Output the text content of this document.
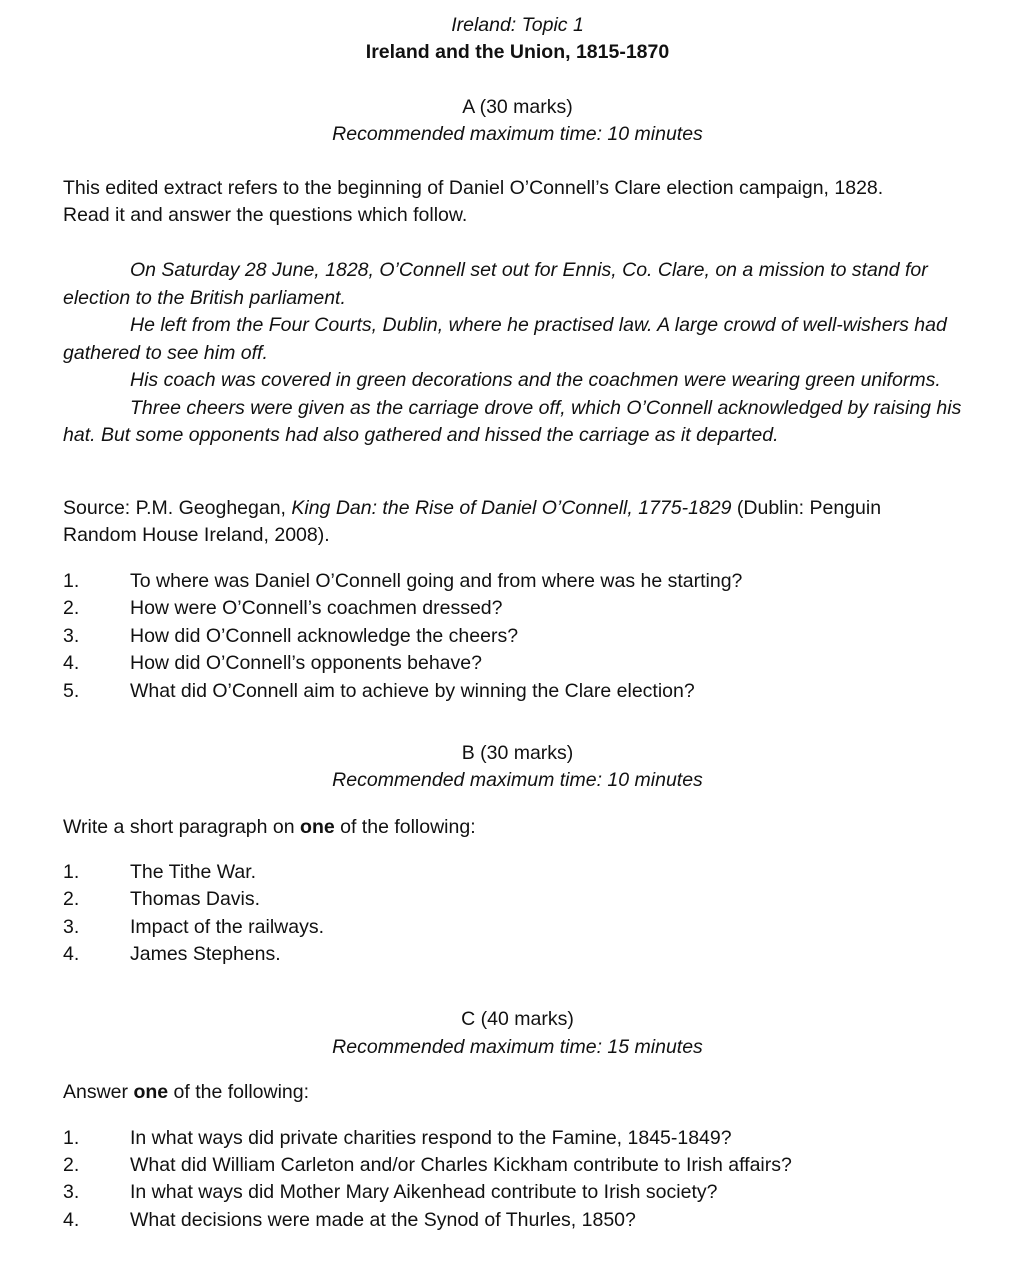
Ireland: Topic 1
Ireland and the Union, 1815-1870
A (30 marks)
Recommended maximum time: 10 minutes
This edited extract refers to the beginning of Daniel O’Connell’s Clare election campaign, 1828.
Read it and answer the questions which follow.

On Saturday 28 June, 1828, O’Connell set out for Ennis, Co. Clare, on a mission to stand for election to the British parliament.

He left from the Four Courts, Dublin, where he practised law. A large crowd of well-wishers had gathered to see him off.

His coach was covered in green decorations and the coachmen were wearing green uniforms.

Three cheers were given as the carriage drove off, which O’Connell acknowledged by raising his hat. But some opponents had also gathered and hissed the carriage as it departed.

Source: P.M. Geoghegan, King Dan: the Rise of Daniel O’Connell, 1775-1829 (Dublin: Penguin
Random House Ireland, 2008).
1.	To where was Daniel O’Connell going and from where was he starting?
2.	How were O’Connell’s coachmen dressed?
3.	How did O’Connell acknowledge the cheers?
4.	How did O’Connell’s opponents behave?
5.	What did O’Connell aim to achieve by winning the Clare election?
B (30 marks)
Recommended maximum time: 10 minutes
Write a short paragraph on one of the following:
1.	The Tithe War.
2.	Thomas Davis.
3.	Impact of the railways.
4.	James Stephens.
C (40 marks)
Recommended maximum time: 15 minutes
Answer one of the following:
1.	In what ways did private charities respond to the Famine, 1845-1849?
2.	What did William Carleton and/or Charles Kickham contribute to Irish affairs?
3.	In what ways did Mother Mary Aikenhead contribute to Irish society?
4.	What decisions were made at the Synod of Thurles, 1850?
